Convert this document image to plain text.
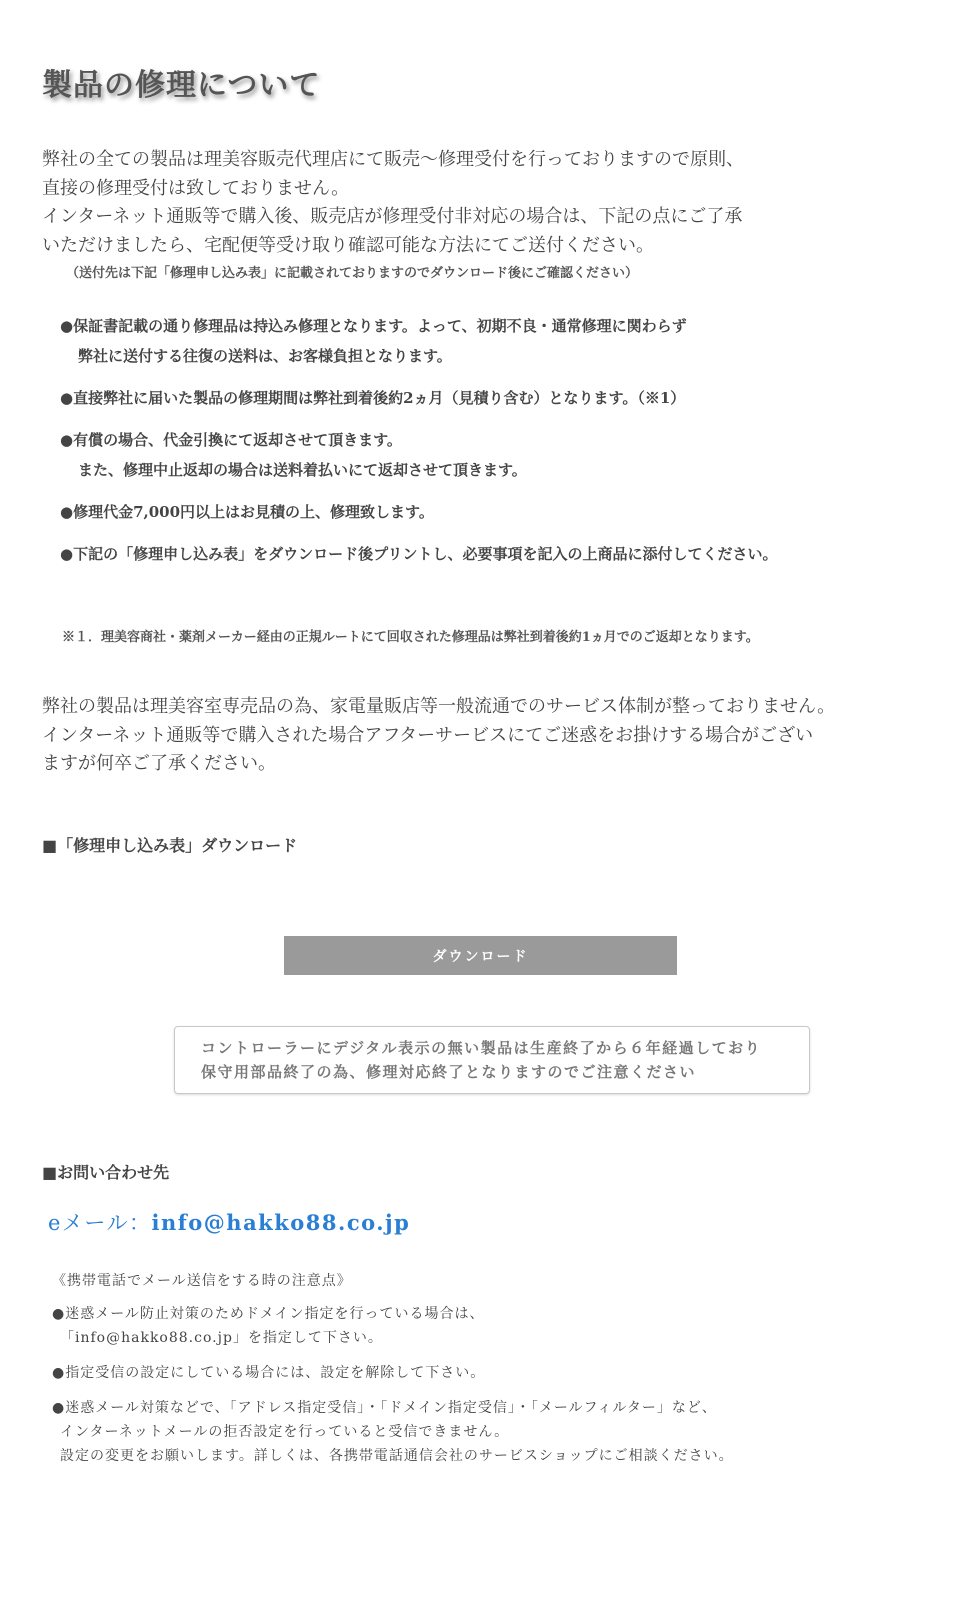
製品の修理について

弊社の全ての製品は理美容販売代理店にて販売〜修理受付を行っておりますので原則、

直接の修理受付は致しておりません。

インターネット通販等で購入後、販売店が修理受付非対応の場合は、下記の点にご了承

いただけましたら、宅配便等受け取り確認可能な方法にてご送付ください。

（送付先は下記「修理申し込み表」に記載されておりますのでダウンロード後にご確認ください）
●保証書記載の通り修理品は持込み修理となります。よって、初期不良・通常修理に関わらず
弊社に送付する往復の送料は、お客様負担となります。
●直接弊社に届いた製品の修理期間は弊社到着後約2ヵ月（見積り含む）となります。（※1）
●有償の場合、代金引換にて返却させて頂きます。
また、修理中止返却の場合は送料着払いにて返却させて頂きます。
●修理代金7,000円以上はお見積の上、修理致します。
●下記の「修理申し込み表」をダウンロード後プリントし、必要事項を記入の上商品に添付してください。
※１．理美容商社・薬剤メーカー経由の正規ルートにて回収された修理品は弊社到着後約1ヵ月でのご返却となります。

弊社の製品は理美容室専売品の為、家電量販店等一般流通でのサービス体制が整っておりません。

インターネット通販等で購入された場合アフターサービスにてご迷惑をお掛けする場合がござい

ますが何卒ご了承ください。

■「修理申し込み表」ダウンロード
ダウンロード
コントローラーにデジタル表示の無い製品は生産終了から６年経過しており
保守用部品終了の為、修理対応終了となりますのでご注意ください
■お問い合わせ先
eメール：info@hakko88.co.jp

《携帯電話でメール送信をする時の注意点》

●迷惑メール防止対策のためドメイン指定を行っている場合は、
「info@hakko88.co.jp」を指定して下さい。
●指定受信の設定にしている場合には、設定を解除して下さい。
●迷惑メール対策などで、「アドレス指定受信」・「ドメイン指定受信」・「メールフィルター」など、
インターネットメールの拒否設定を行っていると受信できません。
設定の変更をお願いします。詳しくは、各携帯電話通信会社のサービスショップにご相談ください。
